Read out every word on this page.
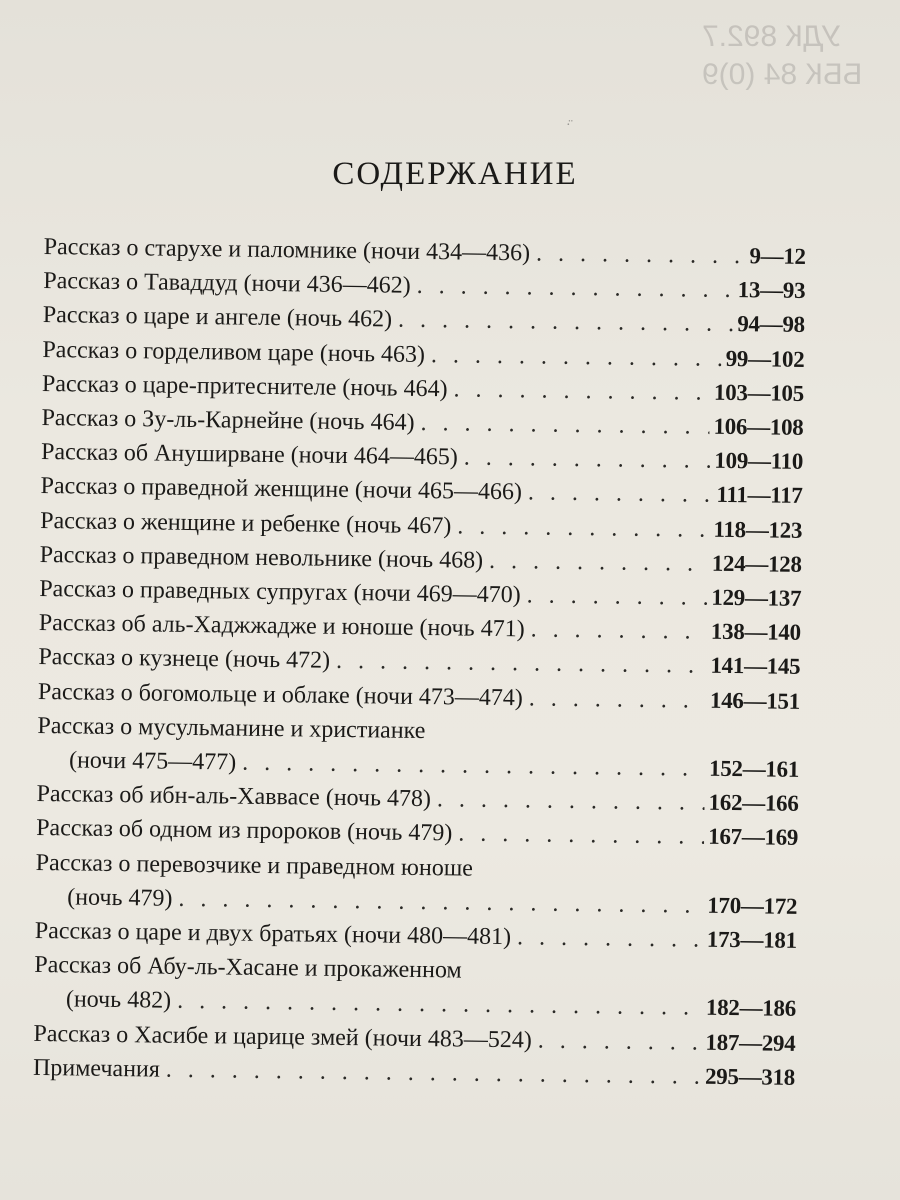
УДК 892.7
ББК 84 (0)9
·̈
СОДЕРЖАНИЕ
Рассказ о старухе и паломнике (ночи 434—436) . . .	9—12
Рассказ о Таваддуд (ночи 436—462) . . .	13—93
Рассказ о царе и ангеле (ночь 462) . . .	94—98
Рассказ о горделивом царе (ночь 463) . . .	99—102
Рассказ о царе-притеснителе (ночь 464) . . .	103—105
Рассказ о Зу-ль-Карнейне (ночь 464) . . .	106—108
Рассказ об Ануширване (ночи 464—465) . . .	109—110
Рассказ о праведной женщине (ночи 465—466) . . .	111—117
Рассказ о женщине и ребенке (ночь 467) . . .	118—123
Рассказ о праведном невольнике (ночь 468) . . .	124—128
Рассказ о праведных супругах (ночи 469—470) . . .	129—137
Рассказ об аль-Хаджжадже и юноше (ночь 471) . . .	138—140
Рассказ о кузнеце (ночь 472) . . .	141—145
Рассказ о богомольце и облаке (ночи 473—474) . . .	146—151
Рассказ о мусульманине и христианке
(ночи 475—477) . . .	152—161
Рассказ об ибн-аль-Хаввасе (ночь 478) . . .	162—166
Рассказ об одном из пророков (ночь 479) . . .	167—169
Рассказ о перевозчике и праведном юноше
(ночь 479) . . .	170—172
Рассказ о царе и двух братьях (ночи 480—481) . . .	173—181
Рассказ об Абу-ль-Хасане и прокаженном
(ночь 482) . . .	182—186
Рассказ о Хасибе и царице змей (ночи 483—524) . . .	187—294
Примечания . . .	295—318
